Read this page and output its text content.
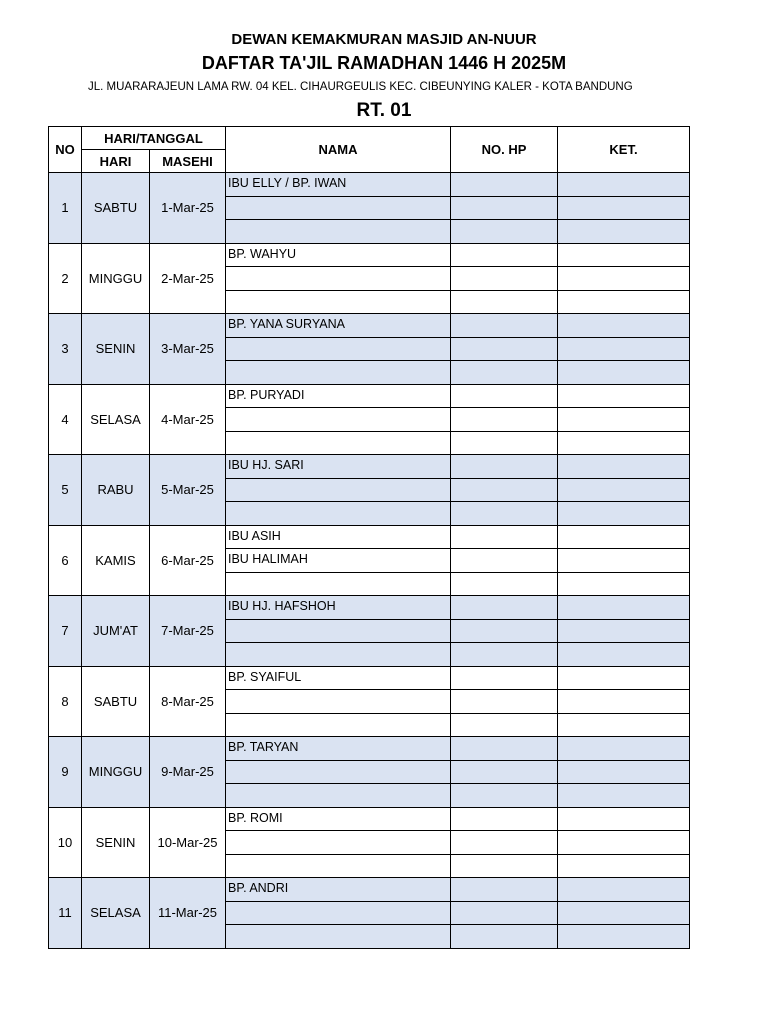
DEWAN KEMAKMURAN MASJID AN-NUUR
DAFTAR TA'JIL RAMADHAN 1446 H 2025M
JL. MUARARAJEUN LAMA RW. 04 KEL. CIHAURGEULIS KEC. CIBEUNYING KALER - KOTA BANDUNG
RT. 01
NO	HARI/TANGGAL		NAMA	NO. HP	KET.
	HARI	MASEHI			
1	SABTU	1-Mar-25	IBU ELLY / BP. IWAN		

2	MINGGU	2-Mar-25	BP. WAHYU		

3	SENIN	3-Mar-25	BP. YANA SURYANA		

4	SELASA	4-Mar-25	BP. PURYADI		

5	RABU	5-Mar-25	IBU HJ. SARI		

6	KAMIS	6-Mar-25	IBU ASIH		
			IBU HALIMAH		

7	JUM'AT	7-Mar-25	IBU HJ. HAFSHOH		

8	SABTU	8-Mar-25	BP. SYAIFUL		

9	MINGGU	9-Mar-25	BP. TARYAN		

10	SENIN	10-Mar-25	BP. ROMI		

11	SELASA	11-Mar-25	BP. ANDRI		
